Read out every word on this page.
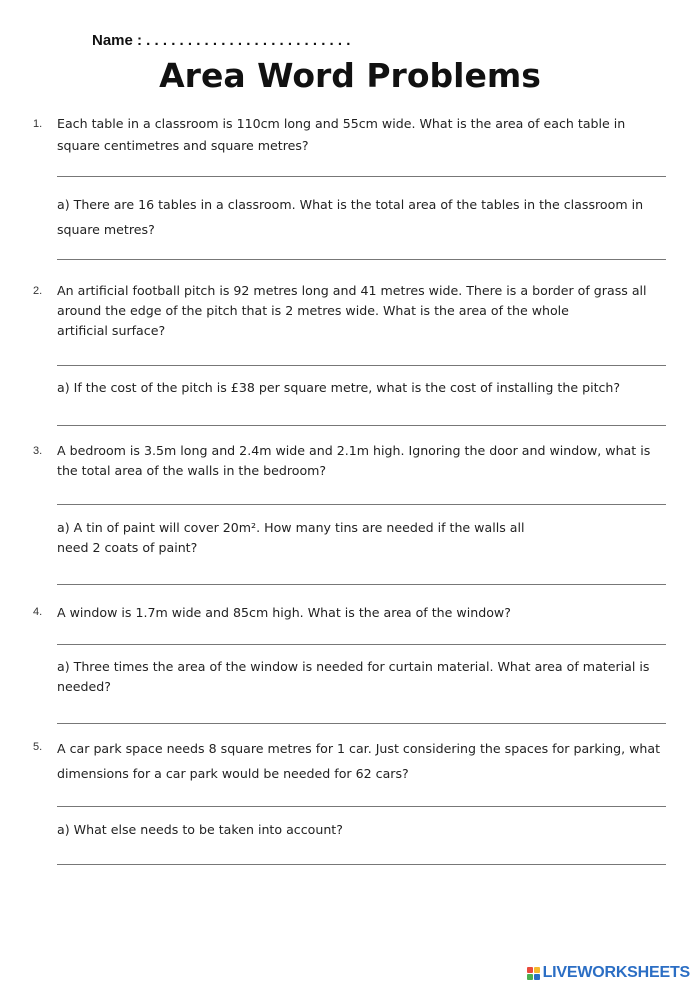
Name : . . . . . . . . . . . . . . . . . . . . . . . . .
Area Word Problems
1. Each table in a classroom is 110cm long and 55cm wide. What is the area of each table in square centimetres and square metres?
a) There are 16 tables in a classroom. What is the total area of the tables in the classroom in square metres?
2. An artificial football pitch is 92 metres long and 41 metres wide. There is a border of grass all
around the edge of the pitch that is 2 metres wide. What is the area of the whole
artificial surface?
a) If the cost of the pitch is £38 per square metre, what is the cost of installing the pitch?
3. A bedroom is 3.5m long and 2.4m wide and 2.1m high. Ignoring the door and window, what is the total area of the walls in the bedroom?
a) A tin of paint will cover 20m². How many tins are needed if the walls all
need 2 coats of paint?
4. A window is 1.7m wide and 85cm high. What is the area of the window?
a) Three times the area of the window is needed for curtain material. What area of material is needed?
5. A car park space needs 8 square metres for 1 car. Just considering the spaces for parking, what dimensions for a car park would be needed for 62 cars?
a) What else needs to be taken into account?
LIVEWORKSHEETS
